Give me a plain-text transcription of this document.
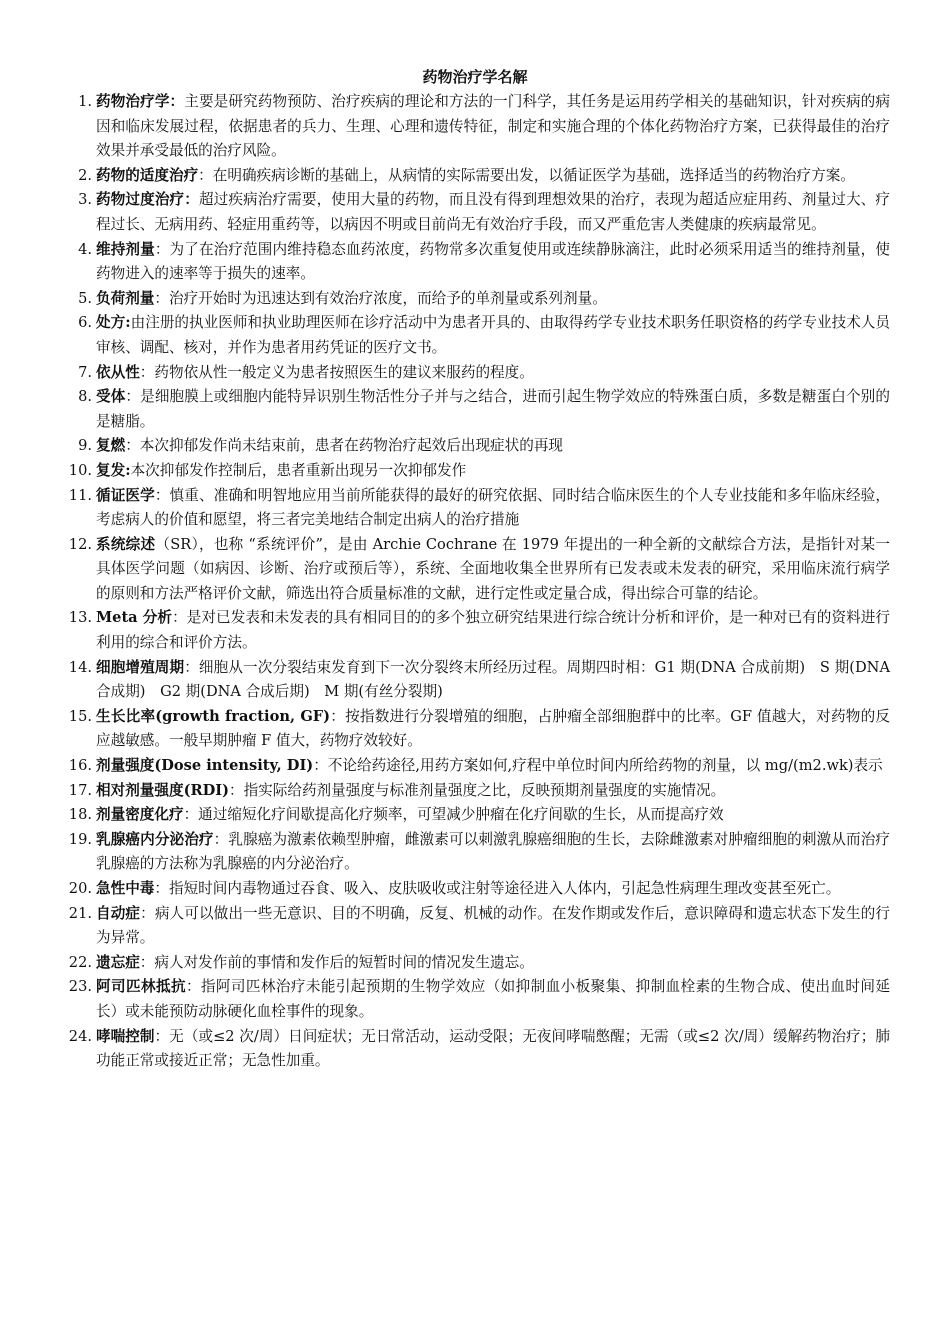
药物治疗学名解
1. 药物治疗学：主要是研究药物预防、治疗疾病的理论和方法的一门科学，其任务是运用药学相关的基础知识，针对疾病的病因和临床发展过程，依据患者的兵力、生理、心理和遗传特征，制定和实施合理的个体化药物治疗方案，已获得最佳的治疗效果并承受最低的治疗风险。
2. 药物的适度治疗：在明确疾病诊断的基础上，从病情的实际需要出发，以循证医学为基础，选择适当的药物治疗方案。
3. 药物过度治疗：超过疾病治疗需要，使用大量的药物，而且没有得到理想效果的治疗，表现为超适应症用药、剂量过大、疗程过长、无病用药、轻症用重药等，以病因不明或目前尚无有效治疗手段，而又严重危害人类健康的疾病最常见。
4. 维持剂量：为了在治疗范围内维持稳态血药浓度，药物常多次重复使用或连续静脉滴注，此时必须采用适当的维持剂量，使药物进入的速率等于损失的速率。
5. 负荷剂量：治疗开始时为迅速达到有效治疗浓度，而给予的单剂量或系列剂量。
6. 处方:由注册的执业医师和执业助理医师在诊疗活动中为患者开具的、由取得药学专业技术职务任职资格的药学专业技术人员审核、调配、核对，并作为患者用药凭证的医疗文书。
7. 依从性：药物依从性一般定义为患者按照医生的建议来服药的程度。
8. 受体：是细胞膜上或细胞内能特异识别生物活性分子并与之结合，进而引起生物学效应的特殊蛋白质，多数是糖蛋白个别的是糖脂。
9. 复燃：本次抑郁发作尚未结束前，患者在药物治疗起效后出现症状的再现
10. 复发:本次抑郁发作控制后，患者重新出现另一次抑郁发作
11. 循证医学：慎重、准确和明智地应用当前所能获得的最好的研究依据、同时结合临床医生的个人专业技能和多年临床经验，考虑病人的价值和愿望，将三者完美地结合制定出病人的治疗措施
12. 系统综述（SR），也称 “系统评价”，是由 Archie Cochrane 在 1979 年提出的一种全新的文献综合方法，是指针对某一具体医学问题（如病因、诊断、治疗或预后等），系统、全面地收集全世界所有已发表或未发表的研究，采用临床流行病学的原则和方法严格评价文献，筛选出符合质量标准的文献，进行定性或定量合成，得出综合可靠的结论。
13. Meta 分析：是对已发表和未发表的具有相同目的的多个独立研究结果进行综合统计分析和评价，是一种对已有的资料进行利用的综合和评价方法。
14. 细胞增殖周期：细胞从一次分裂结束发育到下一次分裂终末所经历过程。周期四时相：G1 期(DNA 合成前期)　S 期(DNA 合成期)　G2 期(DNA 合成后期)　M 期(有丝分裂期)
15. 生长比率(growth fraction, GF)：按指数进行分裂增殖的细胞，占肿瘤全部细胞群中的比率。GF 值越大，对药物的反应越敏感。一般早期肿瘤 F 值大，药物疗效较好。
16. 剂量强度(Dose intensity, DI)：不论给药途径,用药方案如何,疗程中单位时间内所给药物的剂量，以 mg/(m2.wk)表示
17. 相对剂量强度(RDI)：指实际给药剂量强度与标准剂量强度之比，反映预期剂量强度的实施情况。
18. 剂量密度化疗：通过缩短化疗间歇提高化疗频率，可望减少肿瘤在化疗间歇的生长，从而提高疗效
19. 乳腺癌内分泌治疗：乳腺癌为激素依赖型肿瘤，雌激素可以刺激乳腺癌细胞的生长，去除雌激素对肿瘤细胞的刺激从而治疗乳腺癌的方法称为乳腺癌的内分泌治疗。
20. 急性中毒：指短时间内毒物通过吞食、吸入、皮肤吸收或注射等途径进入人体内，引起急性病理生理改变甚至死亡。
21. 自动症：病人可以做出一些无意识、目的不明确，反复、机械的动作。在发作期或发作后，意识障碍和遗忘状态下发生的行为异常。
22. 遗忘症：病人对发作前的事情和发作后的短暂时间的情况发生遗忘。
23. 阿司匹林抵抗：指阿司匹林治疗未能引起预期的生物学效应（如抑制血小板聚集、抑制血栓素的生物合成、使出血时间延长）或未能预防动脉硬化血栓事件的现象。
24. 哮喘控制：无（或≤2 次/周）日间症状；无日常活动，运动受限；无夜间哮喘憋醒；无需（或≤2 次/周）缓解药物治疗；肺功能正常或接近正常；无急性加重。
